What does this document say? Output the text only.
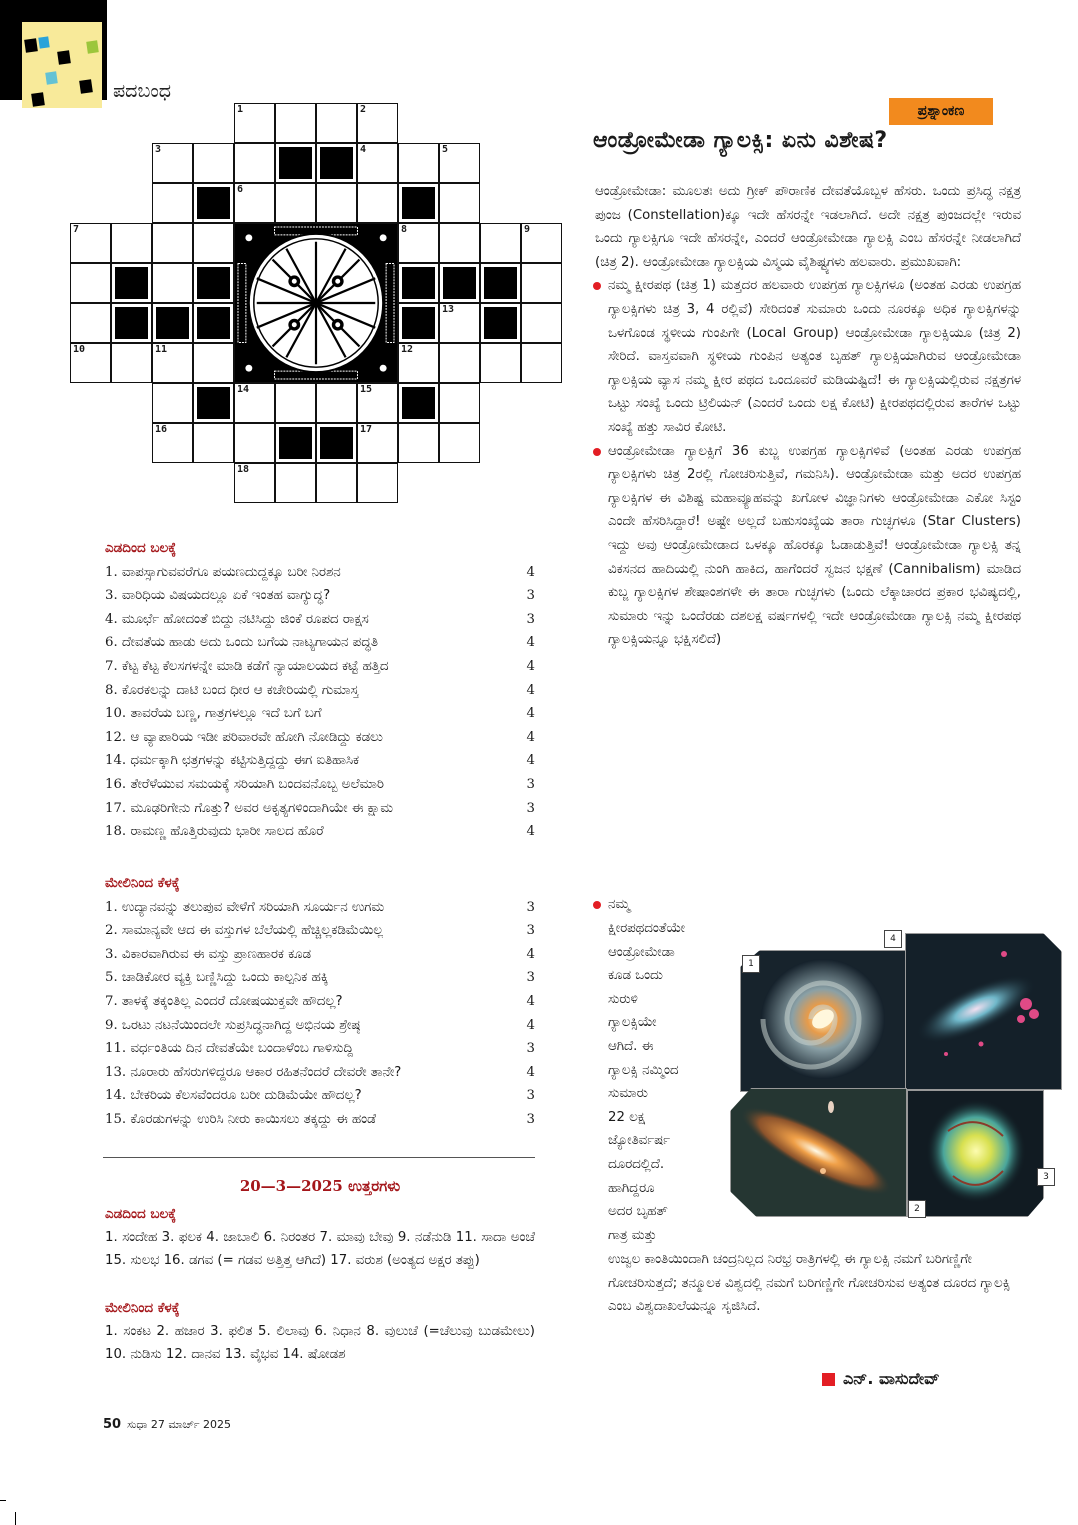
ಪದಬಂಧ
18
17
16
15
14
12
11
10
13
9
8
7
6
5
4
3
2
1
ಎಡದಿಂದ ಬಲಕ್ಕೆ
1. ವಾಪಸ್ಸಾಗುವವರೆಗೂ ಪಯಣದುದ್ದಕ್ಕೂ ಬರೀ ನಿರಶನ	4
3. ವಾರಿಧಿಯ ವಿಷಯದಲ್ಲೂ ಏಕೆ ಇಂತಹ ವಾಗ್ಯುದ್ಧ?	3
4. ಮೂರ್ಛೆ ಹೋದಂತೆ ಬಿದ್ದು ನಟಿಸಿದ್ದು ಜಿಂಕೆ ರೂಪದ ರಾಕ್ಷಸ	3
6. ದೇವತೆಯ ಹಾಡು ಅದು ಒಂದು ಬಗೆಯ ನಾಟ್ಯಗಾಯನ ಪದ್ಧತಿ	4
7. ಕೆಟ್ಟ ಕೆಟ್ಟ ಕೆಲಸಗಳನ್ನೇ ಮಾಡಿ ಕಡೆಗೆ ನ್ಯಾಯಾಲಯದ ಕಟ್ಟೆ ಹತ್ತಿದ	4
8. ಕೊರಕಲನ್ನು ದಾಟಿ ಬಂದ ಧೀರ ಆ ಕಚೇರಿಯಲ್ಲಿ ಗುಮಾಸ್ತ	4
10. ತಾವರೆಯ ಬಣ್ಣ, ಗಾತ್ರಗಳಲ್ಲೂ ಇದೆ ಬಗೆ ಬಗೆ	4
12. ಆ ವ್ಯಾಪಾರಿಯ ಇಡೀ ಪರಿವಾರವೇ ಹೋಗಿ ನೋಡಿದ್ದು ಕಡಲು	4
14. ಧರ್ಮಕ್ಕಾಗಿ ಛತ್ರಗಳನ್ನು ಕಟ್ಟಿಸುತ್ತಿದ್ದದ್ದು ಈಗ ಐತಿಹಾಸಿಕ	4
16. ತೇರೆಳೆಯುವ ಸಮಯಕ್ಕೆ ಸರಿಯಾಗಿ ಬಂದವನೊಬ್ಬ ಅಲೆಮಾರಿ	3
17. ಮೂಢರಿಗೇನು ಗೊತ್ತು? ಅವರ ಅಕೃತ್ಯಗಳಿಂದಾಗಿಯೇ ಈ ಕ್ಷಾಮ	3
18. ರಾಮಣ್ಣ ಹೊತ್ತಿರುವುದು ಭಾರೀ ಸಾಲದ ಹೊರೆ	4
ಮೇಲಿನಿಂದ ಕೆಳಕ್ಕೆ
1. ಉದ್ಯಾನವನ್ನು ತಲುಪುವ ವೇಳೆಗೆ ಸರಿಯಾಗಿ ಸೂರ್ಯನ ಉಗಮ	3
2. ಸಾಮಾನ್ಯವೇ ಆದ ಈ ವಸ್ತುಗಳ ಬೆಲೆಯಲ್ಲಿ ಹೆಚ್ಚಿಲ್ಲಕಡಿಮೆಯಿಲ್ಲ	3
3. ವಿಕಾರವಾಗಿರುವ ಈ ವಸ್ತು ಪ್ರಾಣಹಾರಕ ಕೂಡ	4
5. ಚಾಡಿಕೋರ ವ್ಯಕ್ತಿ ಬಣ್ಣಿಸಿದ್ದು ಒಂದು ಕಾಲ್ಪನಿಕ ಹಕ್ಕಿ	3
7. ತಾಳಕ್ಕೆ ತಕ್ಕಂತಿಲ್ಲ ಎಂದರೆ ದೋಷಯುಕ್ತವೇ ಹೌದಲ್ಲ?	4
9. ಒರಟು ನಟನೆಯಿಂದಲೇ ಸುಪ್ರಸಿದ್ಧನಾಗಿದ್ದ ಅಭಿನಯ ಶ್ರೇಷ್ಠ	4
11. ವರ್ಧಂತಿಯ ದಿನ ದೇವತೆಯೇ ಬಂದಾಳೆಂಬ ಗಾಳಿಸುದ್ದಿ	3
13. ನೂರಾರು ಹೆಸರುಗಳಿದ್ದರೂ ಆಕಾರ ರಹಿತನೆಂದರೆ ದೇವರೇ ತಾನೇ?	4
14. ಬೇಕರಿಯ ಕೆಲಸವೆಂದರೂ ಬರೀ ದುಡಿಮೆಯೇ ಹೌದಲ್ಲ?	3
15. ಕೊರಡುಗಳನ್ನು ಉರಿಸಿ ನೀರು ಕಾಯಿಸಲು ತಕ್ಕದ್ದು ಈ ಹಂಡೆ	3
20—3—2025 ಉತ್ತರಗಳು
ಎಡದಿಂದ ಬಲಕ್ಕೆ
1. ಸಂದೇಹ 3. ಫಲಕ 4. ಜಾಬಾಲಿ 6. ನಿರಂತರ 7. ಮಾವು ಬೇವು 9. ನಡೆನುಡಿ 11. ಸಾದಾ ಅಂಚೆ 15. ಸುಲಭ 16. ಡಗವ (= ಗಡವ ಅತ್ತಿತ್ತ ಆಗಿದೆ) 17. ವರುಶ (ಅಂತ್ಯದ ಅಕ್ಷರ ತಪ್ಪು)
ಮೇಲಿನಿಂದ ಕೆಳಕ್ಕೆ
1. ಸಂಕಟ 2. ಹಜಾರ 3. ಫಲಿತ 5. ಲಿಲಾವು 6. ನಿಧಾನ 8. ವುಲುಚೆ (=ಚೆಲುವು ಬುಡಮೇಲು) 10. ನುಡಿಸು 12. ದಾನವ 13. ವೈಭವ 14. ಷೋಡಶ
50 ಸುಧಾ 27 ಮಾರ್ಚ್ 2025
ಪ್ರಶ್ನಾಂಕಣ
ಆಂಡ್ರೋಮೇಡಾ ಗ್ಯಾಲಕ್ಸಿ: ಏನು ವಿಶೇಷ?

ಆಂಡ್ರೋಮೇಡಾ: ಮೂಲತಃ ಅದು ಗ್ರೀಕ್ ಪೌರಾಣಿಕ ದೇವತೆಯೊಬ್ಬಳ ಹೆಸರು. ಒಂದು ಪ್ರಸಿದ್ಧ ನಕ್ಷತ್ರ ಪುಂಜ (Constellation)ಕ್ಕೂ ಇದೇ ಹೆಸರನ್ನೇ ಇಡಲಾಗಿದೆ. ಅದೇ ನಕ್ಷತ್ರ ಪುಂಜದಲ್ಲೇ ಇರುವ ಒಂದು ಗ್ಯಾಲಕ್ಸಿಗೂ ಇದೇ ಹೆಸರನ್ನೇ, ಎಂದರೆ ಆಂಡ್ರೋಮೇಡಾ ಗ್ಯಾಲಕ್ಸಿ ಎಂಬ ಹೆಸರನ್ನೇ ನೀಡಲಾಗಿದೆ (ಚಿತ್ರ 2). ಆಂಡ್ರೋಮೇಡಾ ಗ್ಯಾಲಕ್ಸಿಯ ವಿಸ್ಮಯ ವೈಶಿಷ್ಟ್ಯಗಳು ಹಲವಾರು. ಪ್ರಮುಖವಾಗಿ:

ನಮ್ಮ ಕ್ಷೀರಪಥ (ಚಿತ್ರ 1) ಮತ್ತದರ ಹಲವಾರು ಉಪಗ್ರಹ ಗ್ಯಾಲಕ್ಸಿಗಳೂ (ಅಂತಹ ಎರಡು ಉಪಗ್ರಹ ಗ್ಯಾಲಕ್ಸಿಗಳು ಚಿತ್ರ 3, 4 ರಲ್ಲಿವೆ) ಸೇರಿದಂತೆ ಸುಮಾರು ಒಂದು ನೂರಕ್ಕೂ ಅಧಿಕ ಗ್ಯಾಲಕ್ಸಿಗಳನ್ನು ಒಳಗೊಂಡ ಸ್ಥಳೀಯ ಗುಂಪಿಗೇ (Local Group) ಆಂಡ್ರೋಮೇಡಾ ಗ್ಯಾಲಕ್ಸಿಯೂ (ಚಿತ್ರ 2) ಸೇರಿದೆ. ವಾಸ್ತವವಾಗಿ ಸ್ಥಳೀಯ ಗುಂಪಿನ ಅತ್ಯಂತ ಬೃಹತ್ ಗ್ಯಾಲಕ್ಸಿಯಾಗಿರುವ ಆಂಡ್ರೋಮೇಡಾ ಗ್ಯಾಲಕ್ಸಿಯ ವ್ಯಾಸ ನಮ್ಮ ಕ್ಷೀರ ಪಥದ ಒಂದೂವರೆ ಮಡಿಯಷ್ಟಿದೆ! ಈ ಗ್ಯಾಲಕ್ಸಿಯಲ್ಲಿರುವ ನಕ್ಷತ್ರಗಳ ಒಟ್ಟು ಸಂಖ್ಯೆ ಒಂದು ಟ್ರಿಲಿಯನ್ (ಎಂದರೆ ಒಂದು ಲಕ್ಷ ಕೋಟಿ) ಕ್ಷೀರಪಥದಲ್ಲಿರುವ ತಾರೆಗಳ ಒಟ್ಟು ಸಂಖ್ಯೆ ಹತ್ತು ಸಾವಿರ ಕೋಟಿ.
ಆಂಡ್ರೋಮೇಡಾ ಗ್ಯಾಲಕ್ಸಿಗೆ 36 ಕುಬ್ಜ ಉಪಗ್ರಹ ಗ್ಯಾಲಕ್ಸಿಗಳಿವೆ (ಅಂತಹ ಎರಡು ಉಪಗ್ರಹ ಗ್ಯಾಲಕ್ಸಿಗಳು ಚಿತ್ರ 2ರಲ್ಲಿ ಗೋಚರಿಸುತ್ತಿವೆ, ಗಮನಿಸಿ). ಆಂಡ್ರೋಮೇಡಾ ಮತ್ತು ಅದರ ಉಪಗ್ರಹ ಗ್ಯಾಲಕ್ಸಿಗಳ ಈ ವಿಶಿಷ್ಟ ಮಹಾವ್ಯೂಹವನ್ನು ಖಗೋಳ ವಿಜ್ಞಾನಿಗಳು ಆಂಡ್ರೋಮೇಡಾ ಎಕೋ ಸಿಸ್ಟಂ ಎಂದೇ ಹೆಸರಿಸಿದ್ದಾರೆ! ಅಷ್ಟೇ ಅಲ್ಲದೆ ಬಹುಸಂಖ್ಯೆಯ ತಾರಾ ಗುಚ್ಛಗಳೂ (Star Clusters) ಇದ್ದು ಅವು ಆಂಡ್ರೋಮೇಡಾದ ಒಳಕ್ಕೂ ಹೊರಕ್ಕೂ ಓಡಾಡುತ್ತಿವೆ! ಆಂಡ್ರೋಮೇಡಾ ಗ್ಯಾಲಕ್ಸಿ ತನ್ನ ವಿಕಸನದ ಹಾದಿಯಲ್ಲಿ ನುಂಗಿ ಹಾಕಿದ, ಹಾಗೆಂದರೆ ಸ್ವಜನ ಭಕ್ಷಣೆ (Cannibalism) ಮಾಡಿದ ಕುಬ್ಜ ಗ್ಯಾಲಕ್ಸಿಗಳ ಶೇಷಾಂಶಗಳೇ ಈ ತಾರಾ ಗುಚ್ಛಗಳು (ಒಂದು ಲೆಕ್ಕಾಚಾರದ ಪ್ರಕಾರ ಭವಿಷ್ಯದಲ್ಲಿ, ಸುಮಾರು ಇನ್ನು ಒಂದೆರಡು ದಶಲಕ್ಷ ವರ್ಷಗಳಲ್ಲಿ ಇದೇ ಆಂಡ್ರೋಮೇಡಾ ಗ್ಯಾಲಕ್ಸಿ ನಮ್ಮ ಕ್ಷೀರಪಥ ಗ್ಯಾಲಕ್ಸಿಯನ್ನೂ ಭಕ್ಷಿಸಲಿದೆ)
ನಮ್ಮ
ಕ್ಷೀರಪಥದಂತೆಯೇ
ಆಂಡ್ರೋಮೇಡಾ
ಕೂಡ ಒಂದು
ಸುರುಳಿ
ಗ್ಯಾಲಕ್ಸಿಯೇ
ಆಗಿದೆ. ಈ
ಗ್ಯಾಲಕ್ಸಿ ನಮ್ಮಿಂದ
ಸುಮಾರು
22 ಲಕ್ಷ
ಜ್ಯೋತಿರ್ವರ್ಷ
ದೂರದಲ್ಲಿದೆ.
ಹಾಗಿದ್ದರೂ
ಅದರ ಬೃಹತ್
ಗಾತ್ರ ಮತ್ತು
ಉಜ್ವಲ ಕಾಂತಿಯಿಂದಾಗಿ ಚಂದ್ರನಿಲ್ಲದ ನಿರಭ್ರ ರಾತ್ರಿಗಳಲ್ಲಿ ಈ ಗ್ಯಾಲಕ್ಸಿ ನಮಗೆ ಬರಿಗಣ್ಣಿಗೇ ಗೋಚರಿಸುತ್ತದೆ; ತನ್ಮೂಲಕ ವಿಶ್ವದಲ್ಲಿ ನಮಗೆ ಬರಿಗಣ್ಣಿಗೇ ಗೋಚರಿಸುವ ಅತ್ಯಂತ ದೂರದ ಗ್ಯಾಲಕ್ಸಿ ಎಂಬ ವಿಶ್ವದಾಖಲೆಯನ್ನೂ ಸೃಜಿಸಿದೆ.
ಎನ್. ವಾಸುದೇವ್
1
4
2
3
